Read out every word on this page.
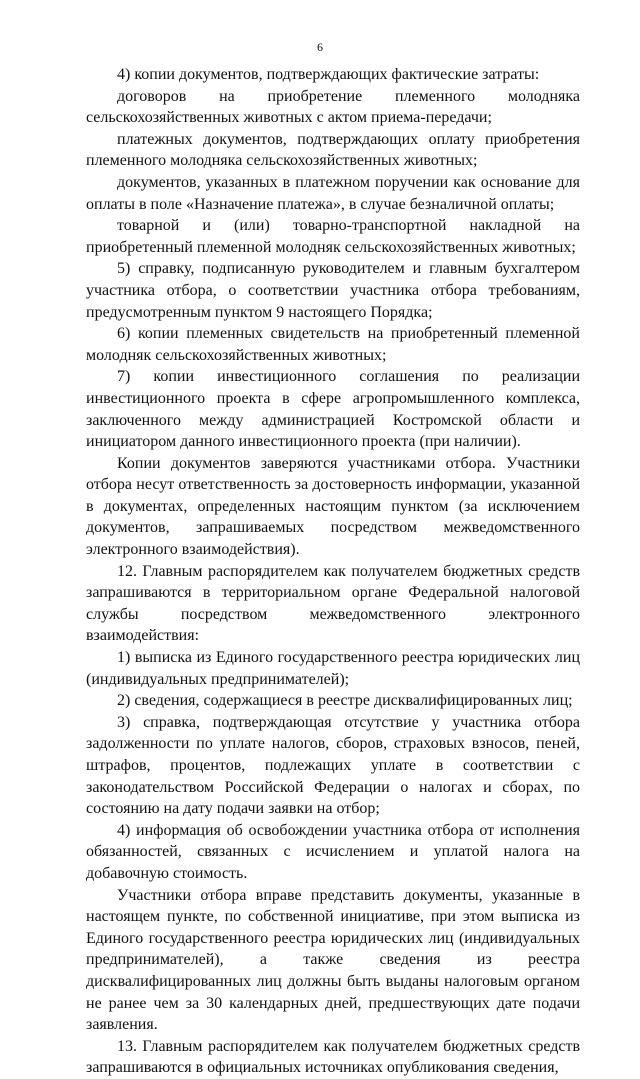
6

4) копии документов, подтверждающих фактические затраты:

договоров на приобретение племенного молодняка сельскохозяйственных животных с актом приема-передачи;

платежных документов, подтверждающих оплату приобретения племенного молодняка сельскохозяйственных животных;

документов, указанных в платежном поручении как основание для оплаты в поле «Назначение платежа», в случае безналичной оплаты;

товарной и (или) товарно-транспортной накладной на приобретенный племенной молодняк сельскохозяйственных животных;

5) справку, подписанную руководителем и главным бухгалтером участника отбора, о соответствии участника отбора требованиям, предусмотренным пунктом 9 настоящего Порядка;

6) копии племенных свидетельств на приобретенный племенной молодняк сельскохозяйственных животных;

7) копии инвестиционного соглашения по реализации инвестиционного проекта в сфере агропромышленного комплекса, заключенного между администрацией Костромской области и инициатором данного инвестиционного проекта (при наличии).

Копии документов заверяются участниками отбора. Участники отбора несут ответственность за достоверность информации, указанной в документах, определенных настоящим пунктом (за исключением документов, запрашиваемых посредством межведомственного электронного взаимодействия).

12. Главным распорядителем как получателем бюджетных средств запрашиваются в территориальном органе Федеральной налоговой службы посредством межведомственного электронного взаимодействия:

1) выписка из Единого государственного реестра юридических лиц (индивидуальных предпринимателей);

2) сведения, содержащиеся в реестре дисквалифицированных лиц;

3) справка, подтверждающая отсутствие у участника отбора задолженности по уплате налогов, сборов, страховых взносов, пеней, штрафов, процентов, подлежащих уплате в соответствии с законодательством Российской Федерации о налогах и сборах, по состоянию на дату подачи заявки на отбор;

4) информация об освобождении участника отбора от исполнения обязанностей, связанных с исчислением и уплатой налога на добавочную стоимость.

Участники отбора вправе представить документы, указанные в настоящем пункте, по собственной инициативе, при этом выписка из Единого государственного реестра юридических лиц (индивидуальных предпринимателей), а также сведения из реестра дисквалифицированных лиц должны быть выданы налоговым органом не ранее чем за 30 календарных дней, предшествующих дате подачи заявления.

13. Главным распорядителем как получателем бюджетных средств запрашиваются в официальных источниках опубликования сведения,
